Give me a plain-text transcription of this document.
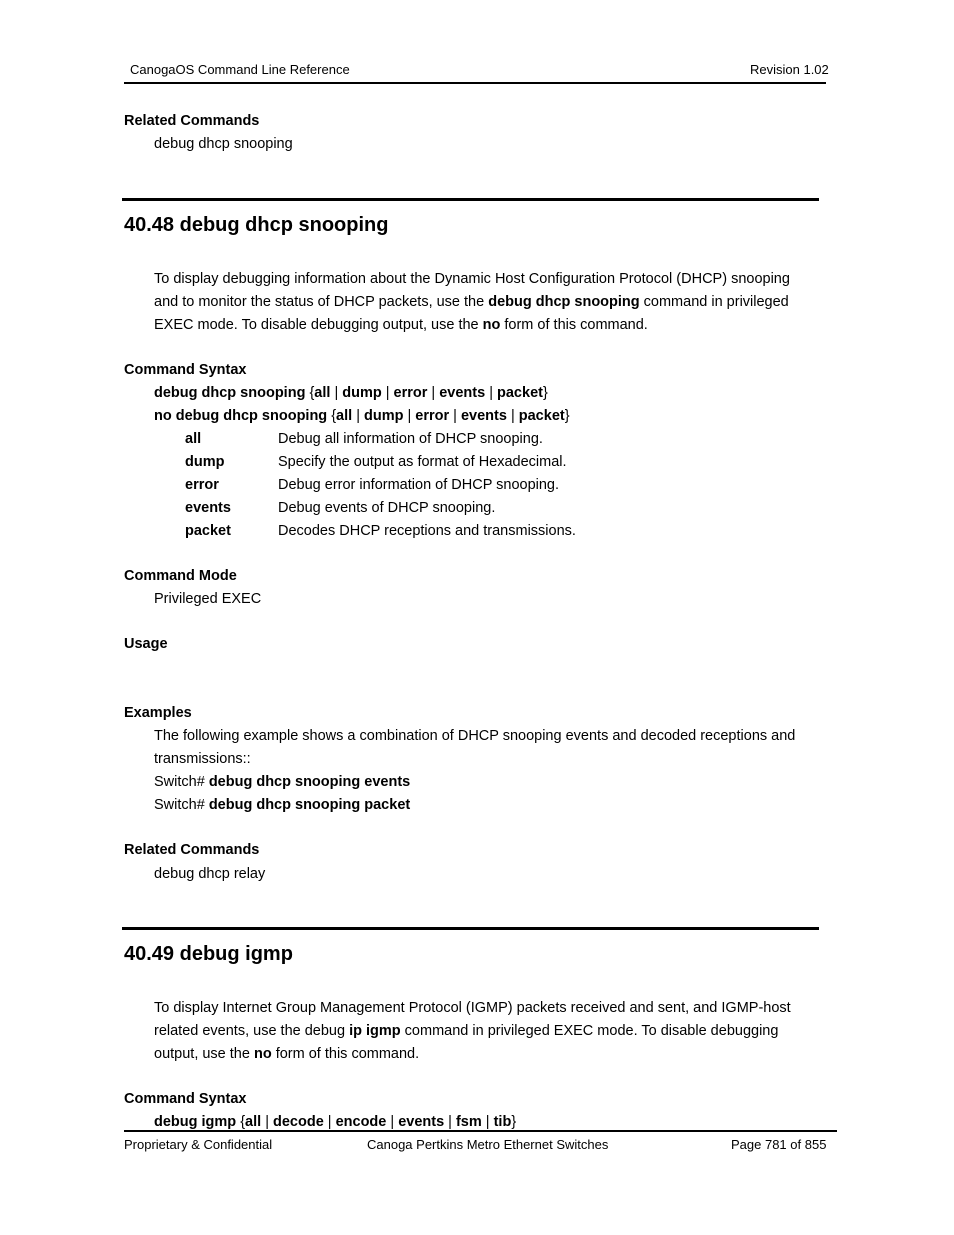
CanogaOS Command Line Reference	Revision 1.02
Related Commands
debug dhcp snooping
40.48 debug dhcp snooping
To display debugging information about the Dynamic Host Configuration Protocol (DHCP) snooping
and to monitor the status of DHCP packets, use the debug dhcp snooping command in privileged
EXEC mode. To disable debugging output, use the no form of this command.
Command Syntax
debug dhcp snooping {all | dump | error | events | packet}
no debug dhcp snooping {all | dump | error | events | packet}
all	Debug all information of DHCP snooping.
dump	Specify the output as format of Hexadecimal.
error	Debug error information of DHCP snooping.
events	Debug events of DHCP snooping.
packet	Decodes DHCP receptions and transmissions.
Command Mode
Privileged EXEC
Usage
Examples
The following example shows a combination of DHCP snooping events and decoded receptions and
transmissions::
Switch# debug dhcp snooping events
Switch# debug dhcp snooping packet
Related Commands
debug dhcp relay
40.49 debug igmp
To display Internet Group Management Protocol (IGMP) packets received and sent, and IGMP-host
related events, use the debug ip igmp command in privileged EXEC mode. To disable debugging
output, use the no form of this command.
Command Syntax
debug igmp {all | decode | encode | events | fsm | tib}
Proprietary & Confidential	Canoga Pertkins Metro Ethernet Switches	Page 781 of 855
